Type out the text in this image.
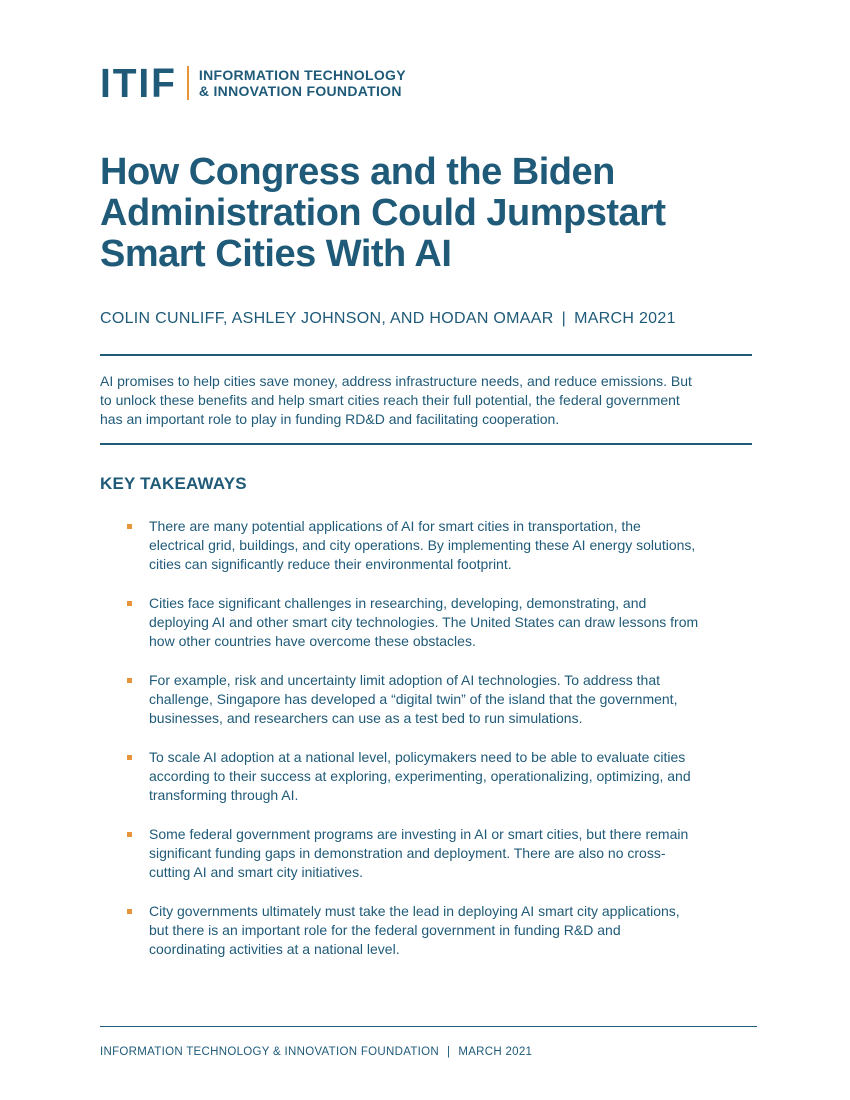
ITIF INFORMATION TECHNOLOGY
& INNOVATION FOUNDATION
How Congress and the Biden
Administration Could Jumpstart
Smart Cities With AI
COLIN CUNLIFF, ASHLEY JOHNSON, AND HODAN OMAAR | MARCH 2021
AI promises to help cities save money, address infrastructure needs, and reduce emissions. But
to unlock these benefits and help smart cities reach their full potential, the federal government
has an important role to play in funding RD&D and facilitating cooperation.
KEY TAKEAWAYS
There are many potential applications of AI for smart cities in transportation, the
electrical grid, buildings, and city operations. By implementing these AI energy solutions,
cities can significantly reduce their environmental footprint.
Cities face significant challenges in researching, developing, demonstrating, and
deploying AI and other smart city technologies. The United States can draw lessons from
how other countries have overcome these obstacles.
For example, risk and uncertainty limit adoption of AI technologies. To address that
challenge, Singapore has developed a “digital twin” of the island that the government,
businesses, and researchers can use as a test bed to run simulations.
To scale AI adoption at a national level, policymakers need to be able to evaluate cities
according to their success at exploring, experimenting, operationalizing, optimizing, and
transforming through AI.
Some federal government programs are investing in AI or smart cities, but there remain
significant funding gaps in demonstration and deployment. There are also no cross-
cutting AI and smart city initiatives.
City governments ultimately must take the lead in deploying AI smart city applications,
but there is an important role for the federal government in funding R&D and
coordinating activities at a national level.
INFORMATION TECHNOLOGY & INNOVATION FOUNDATION | MARCH 2021
